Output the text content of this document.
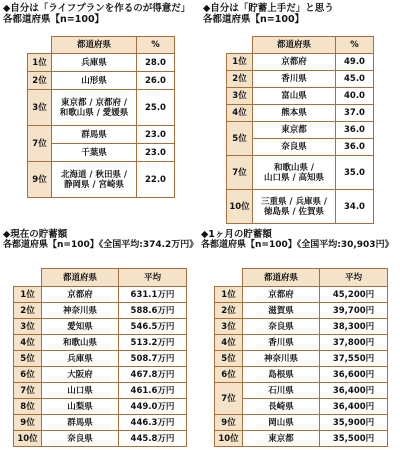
◆自分は「ライフプランを作るのが得意だ」
各都道府県【n=100】
	都道府県	%
1位	兵庫県	28.0
2位	山形県	26.0
3位	東京都 / 京都府 /
和歌山県 / 愛媛県	25.0
7位	群馬県	23.0
	千葉県	23.0
9位	北海道 / 秋田県 /
静岡県 / 宮崎県	22.0
◆自分は「貯蓄上手だ」と思う
各都道府県【n=100】
	都道府県	%
1位	京都府	49.0
2位	香川県	45.0
3位	富山県	40.0
4位	熊本県	37.0
5位	東京都	36.0
	奈良県	36.0
7位	和歌山県 /
山口県 / 高知県	35.0
10位	三重県 / 兵庫県 /
徳島県 / 佐賀県	34.0
◆現在の貯蓄額
各都道府県【n=100】《全国平均:374.2万円》
	都道府県	平均
1位	京都府	631.1万円
2位	神奈川県	588.6万円
3位	愛知県	546.5万円
4位	和歌山県	513.2万円
5位	兵庫県	508.7万円
6位	大阪府	467.8万円
7位	山口県	461.6万円
8位	山梨県	449.0万円
9位	群馬県	446.3万円
10位	奈良県	445.8万円
◆1ヶ月の貯蓄額
各都道府県【n=100】《全国平均:30,903円》
	都道府県	平均
1位	京都府	45,200円
2位	滋賀県	39,700円
3位	奈良県	38,300円
4位	香川県	37,800円
5位	神奈川県	37,550円
6位	島根県	36,600円
7位	石川県	36,400円
	長崎県	36,400円
9位	岡山県	35,900円
10位	東京都	35,500円
